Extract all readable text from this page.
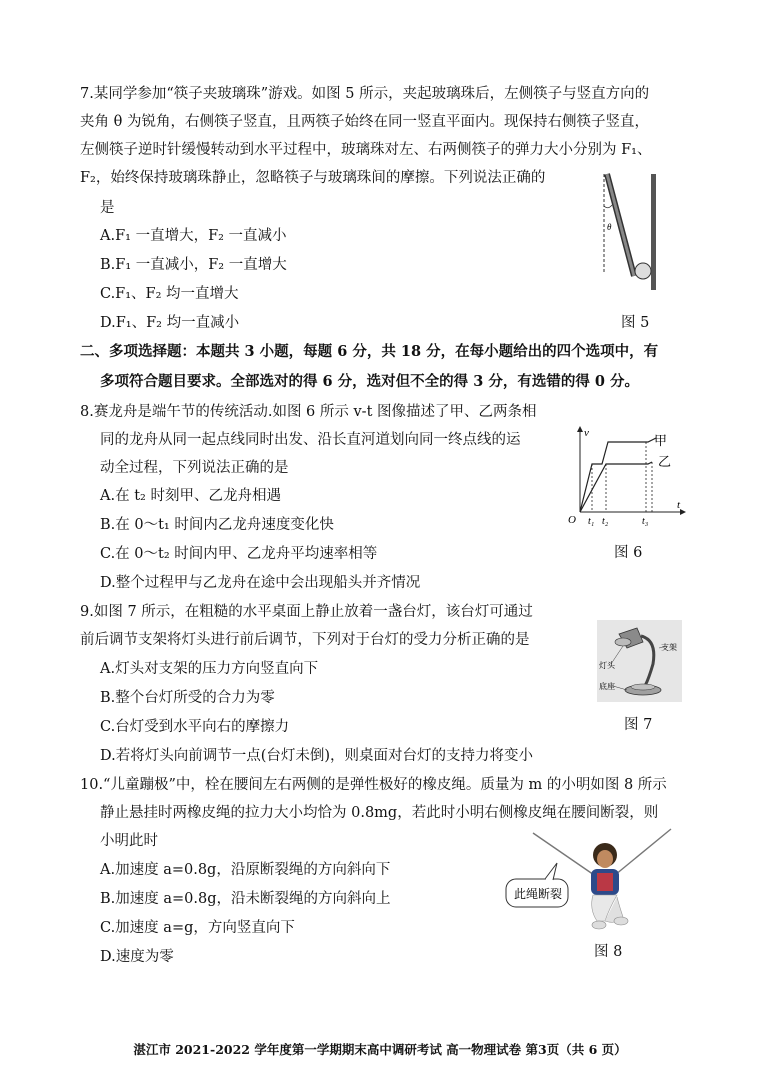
7.某同学参加“筷子夹玻璃珠”游戏。如图 5 所示，夹起玻璃珠后，左侧筷子与竖直方向的
夹角 θ 为锐角，右侧筷子竖直，且两筷子始终在同一竖直平面内。现保持右侧筷子竖直，
左侧筷子逆时针缓慢转动到水平过程中，玻璃珠对左、右两侧筷子的弹力大小分别为 F₁、
F₂，始终保持玻璃珠静止，忽略筷子与玻璃珠间的摩擦。下列说法正确的
是
A.F₁ 一直增大，F₂ 一直减小
B.F₁ 一直减小，F₂ 一直增大
C.F₁、F₂ 均一直增大
D.F₁、F₂ 均一直减小
θ
图 5
二、多项选择题：本题共 3 小题，每题 6 分，共 18 分，在每小题给出的四个选项中，有
多项符合题目要求。全部选对的得 6 分，选对但不全的得 3 分，有选错的得 0 分。
8.赛龙舟是端午节的传统活动.如图 6 所示 v-t 图像描述了甲、乙两条相
同的龙舟从同一起点线同时出发、沿长直河道划向同一终点线的运
动全过程，下列说法正确的是
A.在 t₂ 时刻甲、乙龙舟相遇
B.在 0～t₁ 时间内乙龙舟速度变化快
C.在 0～t₂ 时间内甲、乙龙舟平均速率相等
D.整个过程甲与乙龙舟在途中会出现船头并齐情况
v
t
O t₁ t₂	t₃
甲
乙
图 6
9.如图 7 所示，在粗糙的水平桌面上静止放着一盏台灯，该台灯可通过
前后调节支架将灯头进行前后调节，下列对于台灯的受力分析正确的是
A.灯头对支架的压力方向竖直向下
B.整个台灯所受的合力为零
C.台灯受到水平向右的摩擦力
D.若将灯头向前调节一点(台灯未倒)，则桌面对台灯的支持力将变小
灯头
支架
底座
图 7
10.“儿童蹦极”中，栓在腰间左右两侧的是弹性极好的橡皮绳。质量为 m 的小明如图 8 所示
静止悬挂时两橡皮绳的拉力大小均恰为 0.8mg，若此时小明右侧橡皮绳在腰间断裂，则
小明此时
A.加速度 a=0.8g，沿原断裂绳的方向斜向下
B.加速度 a=0.8g，沿未断裂绳的方向斜向上
C.加速度 a=g，方向竖直向下
D.速度为零
此绳断裂
图 8
湛江市 2021-2022 学年度第一学期期末高中调研考试 高一物理试卷 第3页（共 6 页）
